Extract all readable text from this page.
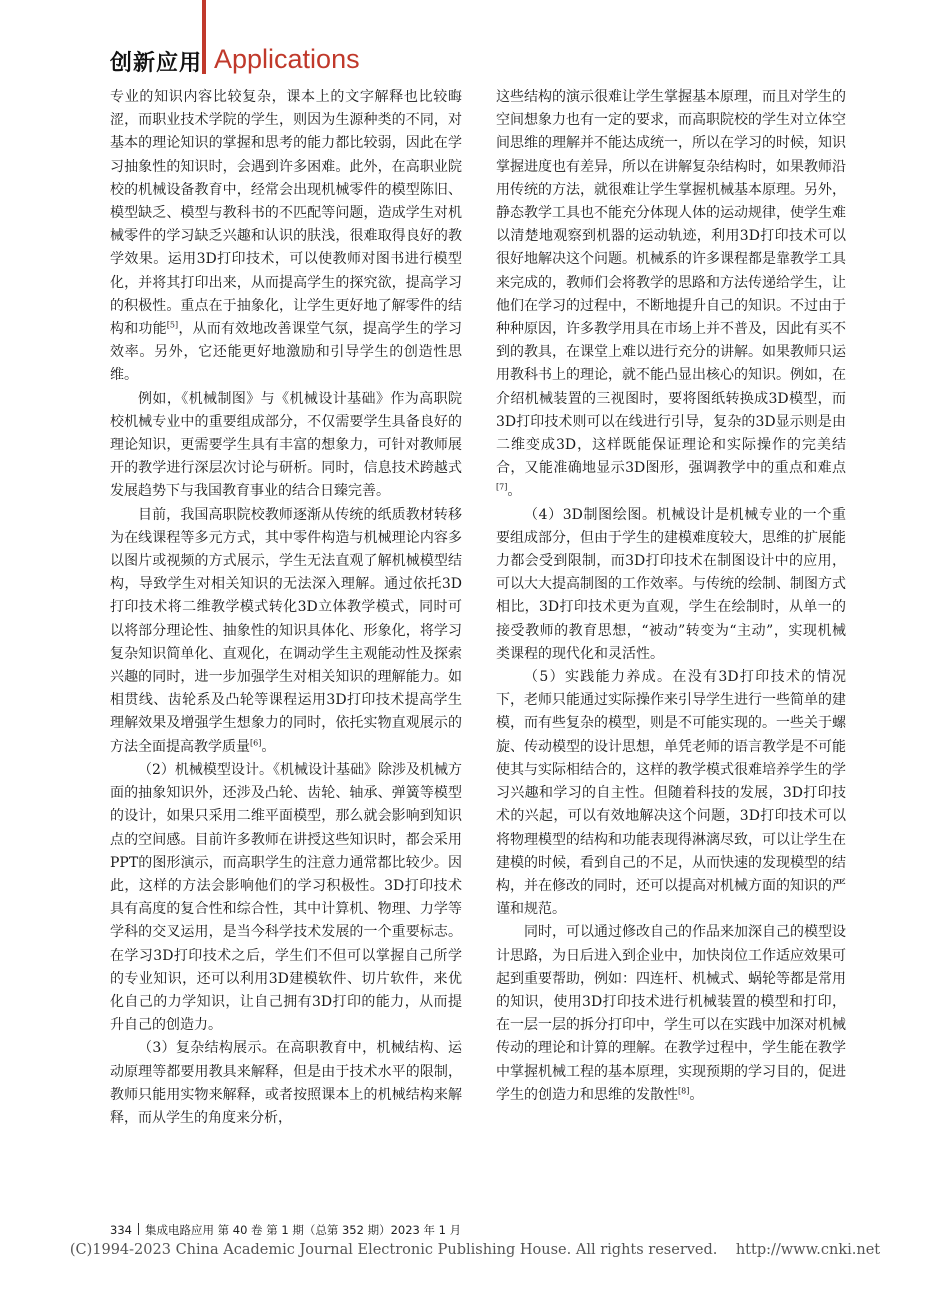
创新应用 Applications

专业的知识内容比较复杂，课本上的文字解释也比较晦涩，而职业技术学院的学生，则因为生源种类的不同，对基本的理论知识的掌握和思考的能力都比较弱，因此在学习抽象性的知识时，会遇到许多困难。此外，在高职业院校的机械设备教育中，经常会出现机械零件的模型陈旧、模型缺乏、模型与教科书的不匹配等问题，造成学生对机械零件的学习缺乏兴趣和认识的肤浅，很难取得良好的教学效果。运用3D打印技术，可以使教师对图书进行模型化，并将其打印出来，从而提高学生的探究欲，提高学习的积极性。重点在于抽象化，让学生更好地了解零件的结构和功能[5]，从而有效地改善课堂气氛，提高学生的学习效率。另外，它还能更好地激励和引导学生的创造性思维。

例如，《机械制图》与《机械设计基础》作为高职院校机械专业中的重要组成部分，不仅需要学生具备良好的理论知识，更需要学生具有丰富的想象力，可针对教师展开的教学进行深层次讨论与研析。同时，信息技术跨越式发展趋势下与我国教育事业的结合日臻完善。

目前，我国高职院校教师逐渐从传统的纸质教材转移为在线课程等多元方式，其中零件构造与机械理论内容多以图片或视频的方式展示，学生无法直观了解机械模型结构，导致学生对相关知识的无法深入理解。通过依托3D打印技术将二维教学模式转化3D立体教学模式，同时可以将部分理论性、抽象性的知识具体化、形象化，将学习复杂知识简单化、直观化，在调动学生主观能动性及探索兴趣的同时，进一步加强学生对相关知识的理解能力。如相贯线、齿轮系及凸轮等课程运用3D打印技术提高学生理解效果及增强学生想象力的同时，依托实物直观展示的方法全面提高教学质量[6]。

（2）机械模型设计。《机械设计基础》除涉及机械方面的抽象知识外，还涉及凸轮、齿轮、轴承、弹簧等模型的设计，如果只采用二维平面模型，那么就会影响到知识点的空间感。目前许多教师在讲授这些知识时，都会采用PPT的图形演示，而高职学生的注意力通常都比较少。因此，这样的方法会影响他们的学习积极性。3D打印技术具有高度的复合性和综合性，其中计算机、物理、力学等学科的交叉运用，是当今科学技术发展的一个重要标志。在学习3D打印技术之后，学生们不但可以掌握自己所学的专业知识，还可以利用3D建模软件、切片软件，来优化自己的力学知识，让自己拥有3D打印的能力，从而提升自己的创造力。

（3）复杂结构展示。在高职教育中，机械结构、运动原理等都要用教具来解释，但是由于技术水平的限制，教师只能用实物来解释，或者按照课本上的机械结构来解释，而从学生的角度来分析，

这些结构的演示很难让学生掌握基本原理，而且对学生的空间想象力也有一定的要求，而高职院校的学生对立体空间思维的理解并不能达成统一，所以在学习的时候，知识掌握进度也有差异，所以在讲解复杂结构时，如果教师沿用传统的方法，就很难让学生掌握机械基本原理。另外，静态教学工具也不能充分体现人体的运动规律，使学生难以清楚地观察到机器的运动轨迹，利用3D打印技术可以很好地解决这个问题。机械系的许多课程都是靠教学工具来完成的，教师们会将教学的思路和方法传递给学生，让他们在学习的过程中，不断地提升自己的知识。不过由于种种原因，许多教学用具在市场上并不普及，因此有买不到的教具，在课堂上难以进行充分的讲解。如果教师只运用教科书上的理论，就不能凸显出核心的知识。例如，在介绍机械装置的三视图时，要将图纸转换成3D模型，而3D打印技术则可以在线进行引导，复杂的3D显示则是由二维变成3D，这样既能保证理论和实际操作的完美结合，又能准确地显示3D图形，强调教学中的重点和难点[7]。

（4）3D制图绘图。机械设计是机械专业的一个重要组成部分，但由于学生的建模难度较大，思维的扩展能力都会受到限制，而3D打印技术在制图设计中的应用，可以大大提高制图的工作效率。与传统的绘制、制图方式相比，3D打印技术更为直观，学生在绘制时，从单一的接受教师的教育思想，“被动”转变为“主动”，实现机械类课程的现代化和灵活性。

（5）实践能力养成。在没有3D打印技术的情况下，老师只能通过实际操作来引导学生进行一些简单的建模，而有些复杂的模型，则是不可能实现的。一些关于螺旋、传动模型的设计思想，单凭老师的语言教学是不可能使其与实际相结合的，这样的教学模式很难培养学生的学习兴趣和学习的自主性。但随着科技的发展，3D打印技术的兴起，可以有效地解决这个问题，3D打印技术可以将物理模型的结构和功能表现得淋漓尽致，可以让学生在建模的时候，看到自己的不足，从而快速的发现模型的结构，并在修改的同时，还可以提高对机械方面的知识的严谨和规范。

同时，可以通过修改自己的作品来加深自己的模型设计思路，为日后进入到企业中，加快岗位工作适应效果可起到重要帮助，例如：四连杆、机械式、蜗轮等都是常用的知识，使用3D打印技术进行机械装置的模型和打印，在一层一层的拆分打印中，学生可以在实践中加深对机械传动的理论和计算的理解。在教学过程中，学生能在教学中掌握机械工程的基本原理，实现预期的学习目的，促进学生的创造力和思维的发散性[8]。

334 集成电路应用 第 40 卷 第 1 期（总第 352 期）2023 年 1 月
(C)1994-2023 China Academic Journal Electronic Publishing House. All rights reserved.    http://www.cnki.net
